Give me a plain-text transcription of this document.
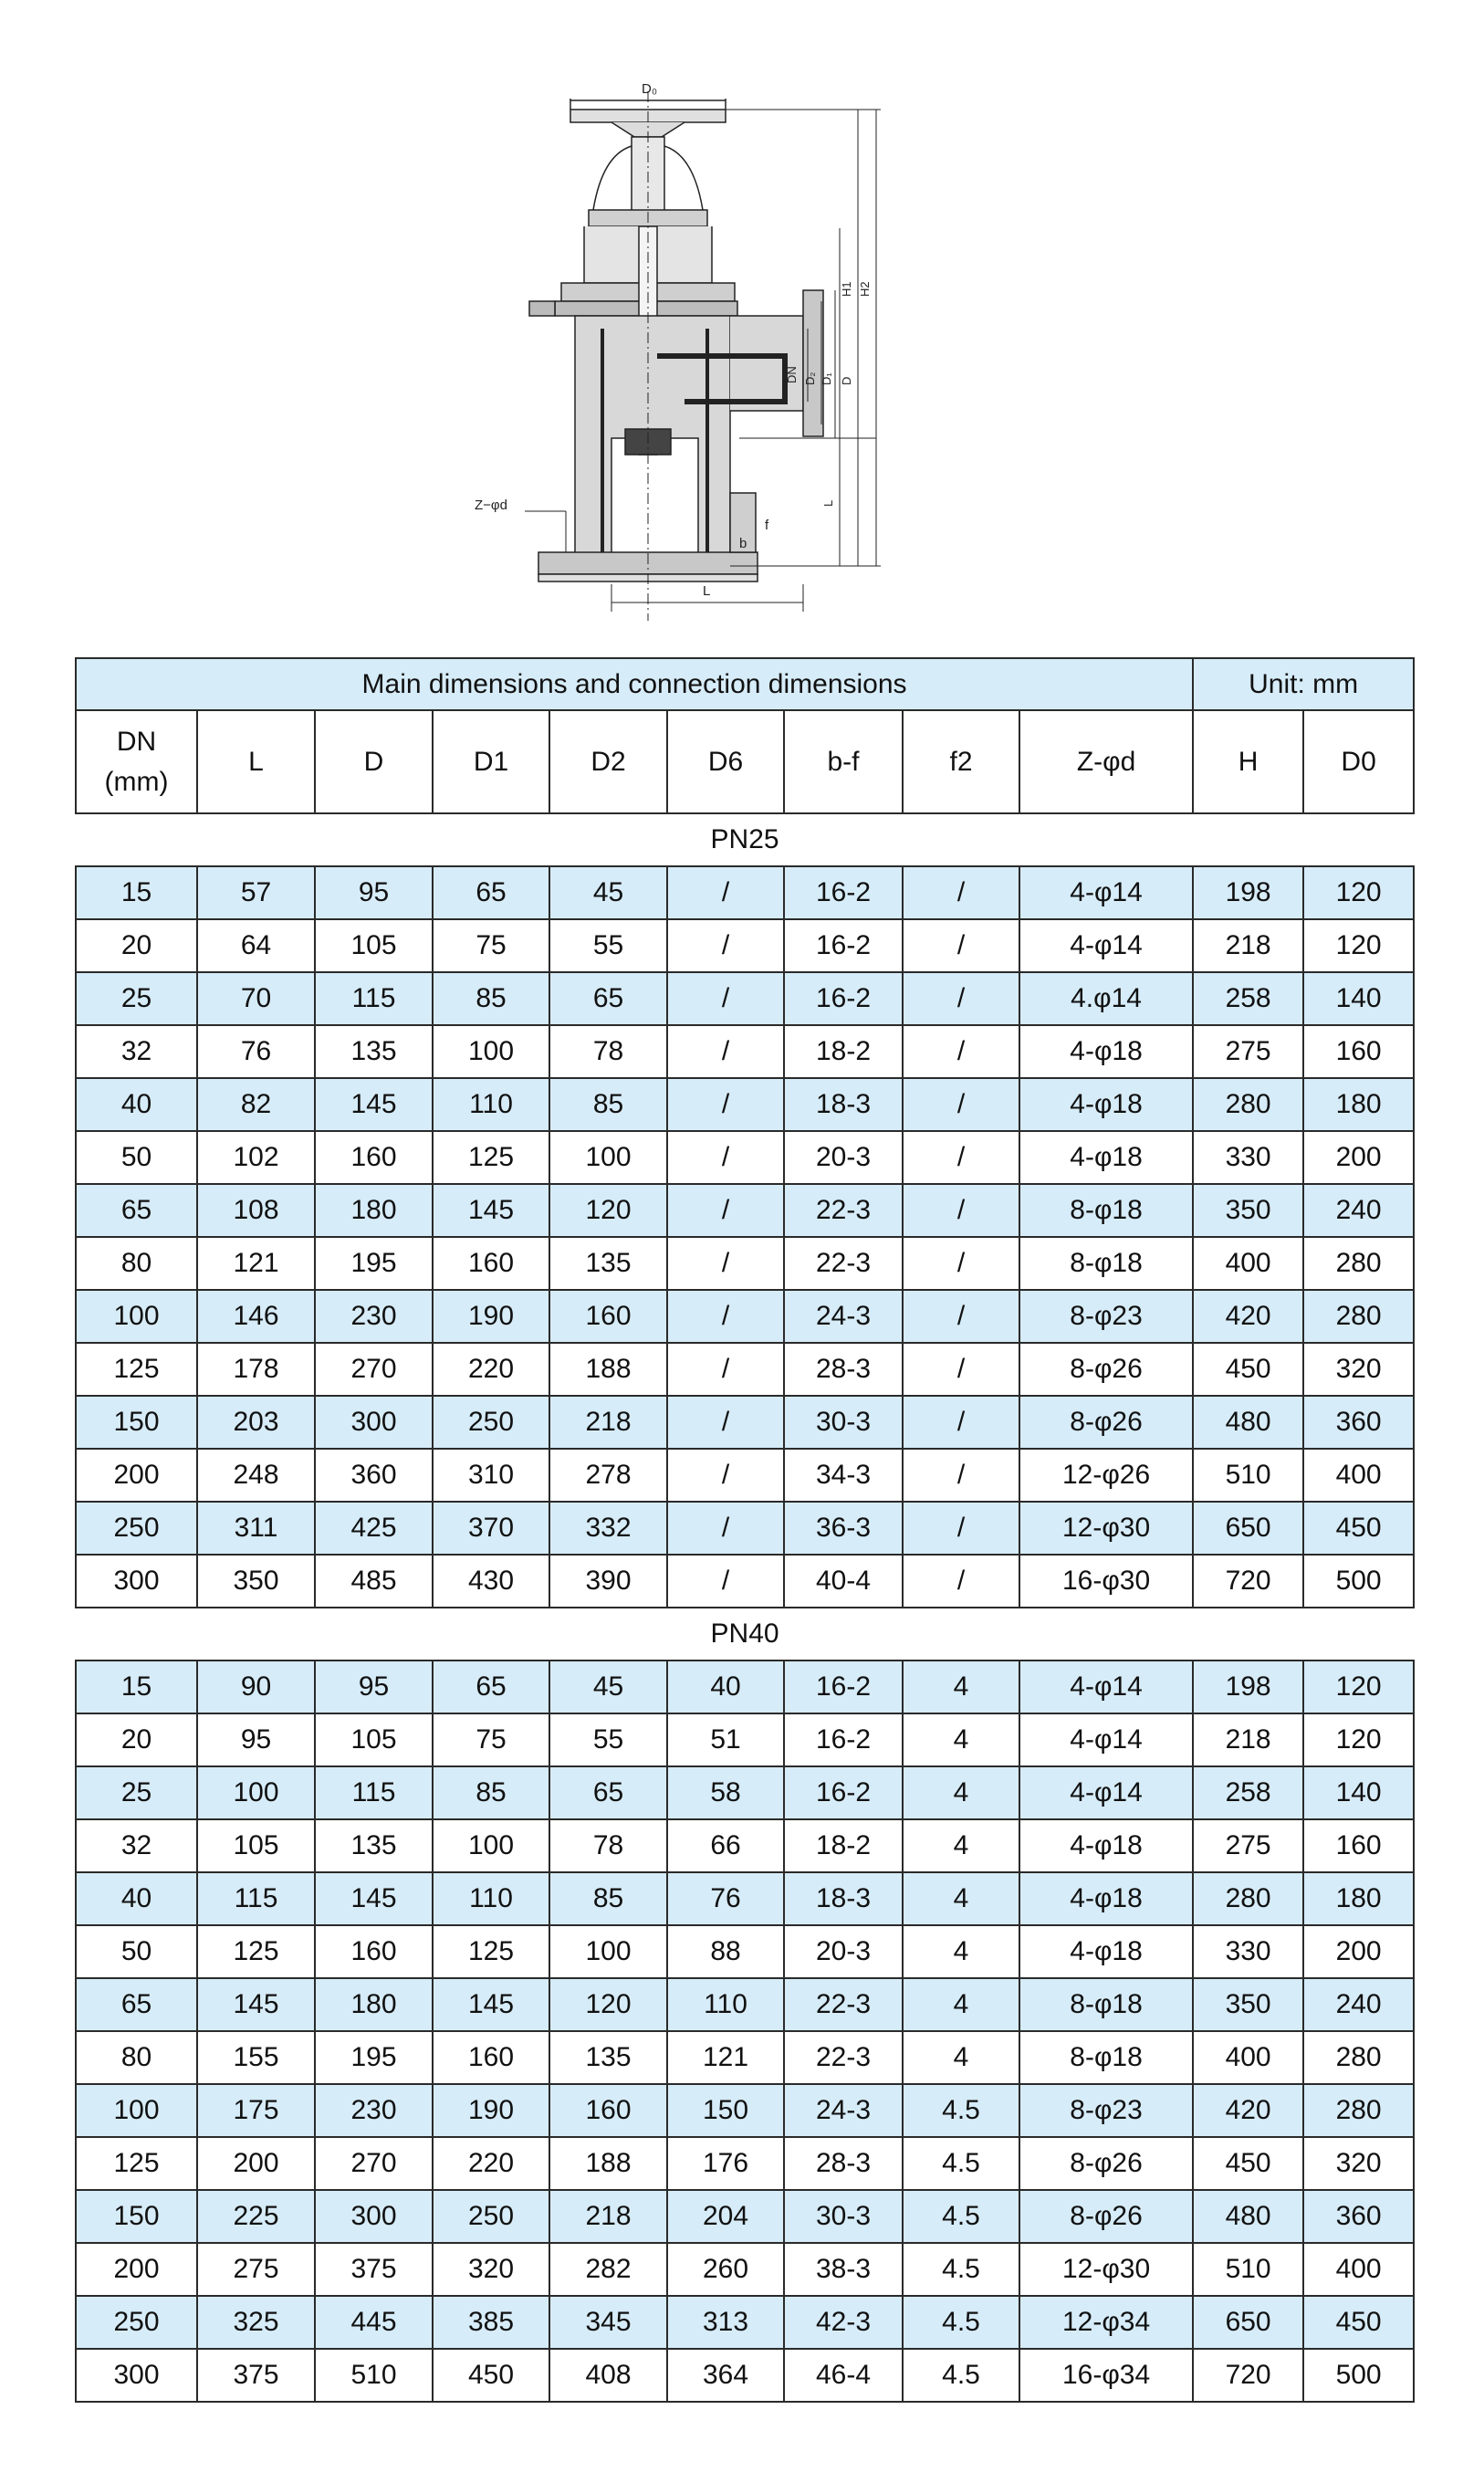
D₀
H1 H2
DN D₂ D₁ D
L
f
b
Z−φd
L
Main dimensions and connection dimensions									Unit: mm	
DN
(mm)	L	D	D1	D2	D6	b-f	f2	Z-φd	H	D0
PN25										
15	57	95	65	45	/	16-2	/	4-φ14	198	120
20	64	105	75	55	/	16-2	/	4-φ14	218	120
25	70	115	85	65	/	16-2	/	4.φ14	258	140
32	76	135	100	78	/	18-2	/	4-φ18	275	160
40	82	145	110	85	/	18-3	/	4-φ18	280	180
50	102	160	125	100	/	20-3	/	4-φ18	330	200
65	108	180	145	120	/	22-3	/	8-φ18	350	240
80	121	195	160	135	/	22-3	/	8-φ18	400	280
100	146	230	190	160	/	24-3	/	8-φ23	420	280
125	178	270	220	188	/	28-3	/	8-φ26	450	320
150	203	300	250	218	/	30-3	/	8-φ26	480	360
200	248	360	310	278	/	34-3	/	12-φ26	510	400
250	311	425	370	332	/	36-3	/	12-φ30	650	450
300	350	485	430	390	/	40-4	/	16-φ30	720	500
PN40										
15	90	95	65	45	40	16-2	4	4-φ14	198	120
20	95	105	75	55	51	16-2	4	4-φ14	218	120
25	100	115	85	65	58	16-2	4	4-φ14	258	140
32	105	135	100	78	66	18-2	4	4-φ18	275	160
40	115	145	110	85	76	18-3	4	4-φ18	280	180
50	125	160	125	100	88	20-3	4	4-φ18	330	200
65	145	180	145	120	110	22-3	4	8-φ18	350	240
80	155	195	160	135	121	22-3	4	8-φ18	400	280
100	175	230	190	160	150	24-3	4.5	8-φ23	420	280
125	200	270	220	188	176	28-3	4.5	8-φ26	450	320
150	225	300	250	218	204	30-3	4.5	8-φ26	480	360
200	275	375	320	282	260	38-3	4.5	12-φ30	510	400
250	325	445	385	345	313	42-3	4.5	12-φ34	650	450
300	375	510	450	408	364	46-4	4.5	16-φ34	720	500
